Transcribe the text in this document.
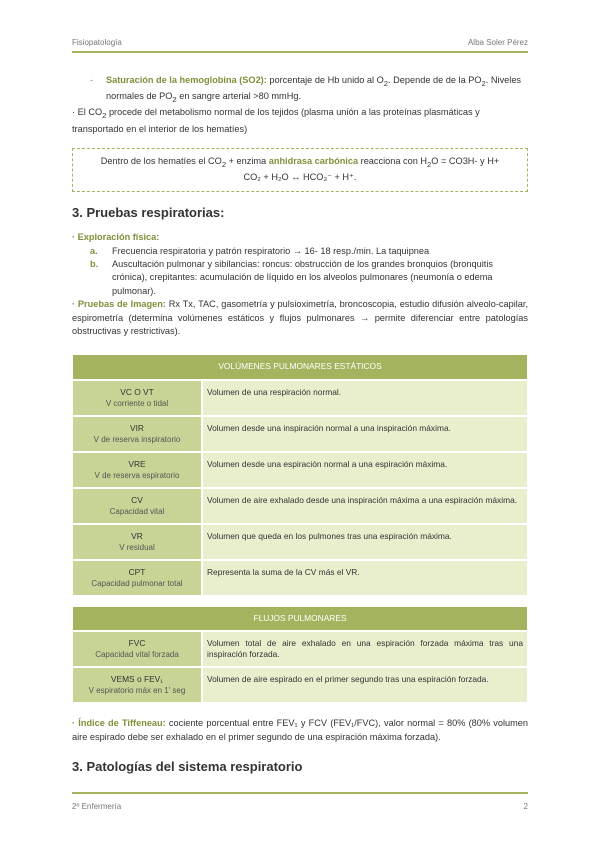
Fisiopatología	Alba Soler Pérez
-	Saturación de la hemoglobina (SO2): porcentaje de Hb unido al $O_2$. Depende de de la $PO_2$. Niveles normales de $PO_2$ en sangre arterial >80 mmHg.

· El $CO_2$ procede del metabolismo normal de los tejidos (plasma unión a las proteínas plasmáticas y transportado en el interior de los hematíes)

Dentro de los hematíes el $CO_2$ + enzima anhidrasa carbónica reacciona con $H_2O = CO3H-$ y H+
CO₂ + H₂O ↔ HCO₃⁻ + H⁺.
3. Pruebas respiratorias:
· Exploración física:
a.	Frecuencia respiratoria y patrón respiratorio → 16- 18 resp./min. La taquipnea
b.	Auscultación pulmonar y sibilancias: roncus: obstrucción de los grandes bronquios (bronquitis crónica), crepitantes: acumulación de líquido en los alveolos pulmonares (neumonía o edema pulmonar).

· Pruebas de Imagen: Rx Tx, TAC, gasometría y pulsioximetría, broncoscopia, estudio difusión alveolo-capilar, espirometría (determina volúmenes estáticos y flujos pulmonares → permite diferenciar entre patologías obstructivas y restrictivas).

VOLÚMENES PULMONARES ESTÁTICOS	

VC O VT
V corriente o tidal	Volumen de una respiración normal.

VIR
V de reserva inspiratorio	Volumen desde una inspiración normal a una inspiración máxima.

VRE
V de reserva espiratorio	Volumen desde una espiración normal a una espiración máxima.

CV
Capacidad vital	Volumen de aire exhalado desde una inspiración máxima a una espiración máxima.

VR
V residual	Volumen que queda en los pulmones tras una espiración máxima.

CPT
Capacidad pulmonar total	Representa la suma de la CV más el VR.
FLUJOS PULMONARES	

FVC
Capacidad vital forzada	Volumen total de aire exhalado en una espiración forzada máxima tras una inspiración forzada.

VEMS o FEV₁
V espiratorio máx en 1’ seg	Volumen de aire espirado en el primer segundo tras una espiración forzada.

· Índice de Tiffeneau: cociente porcentual entre FEV₁ y FCV (FEV₁/FVC), valor normal = 80% (80% volumen aire espirado debe ser exhalado en el primer segundo de una espiración máxima forzada).

3. Patologías del sistema respiratorio
2º Enfermería	2
